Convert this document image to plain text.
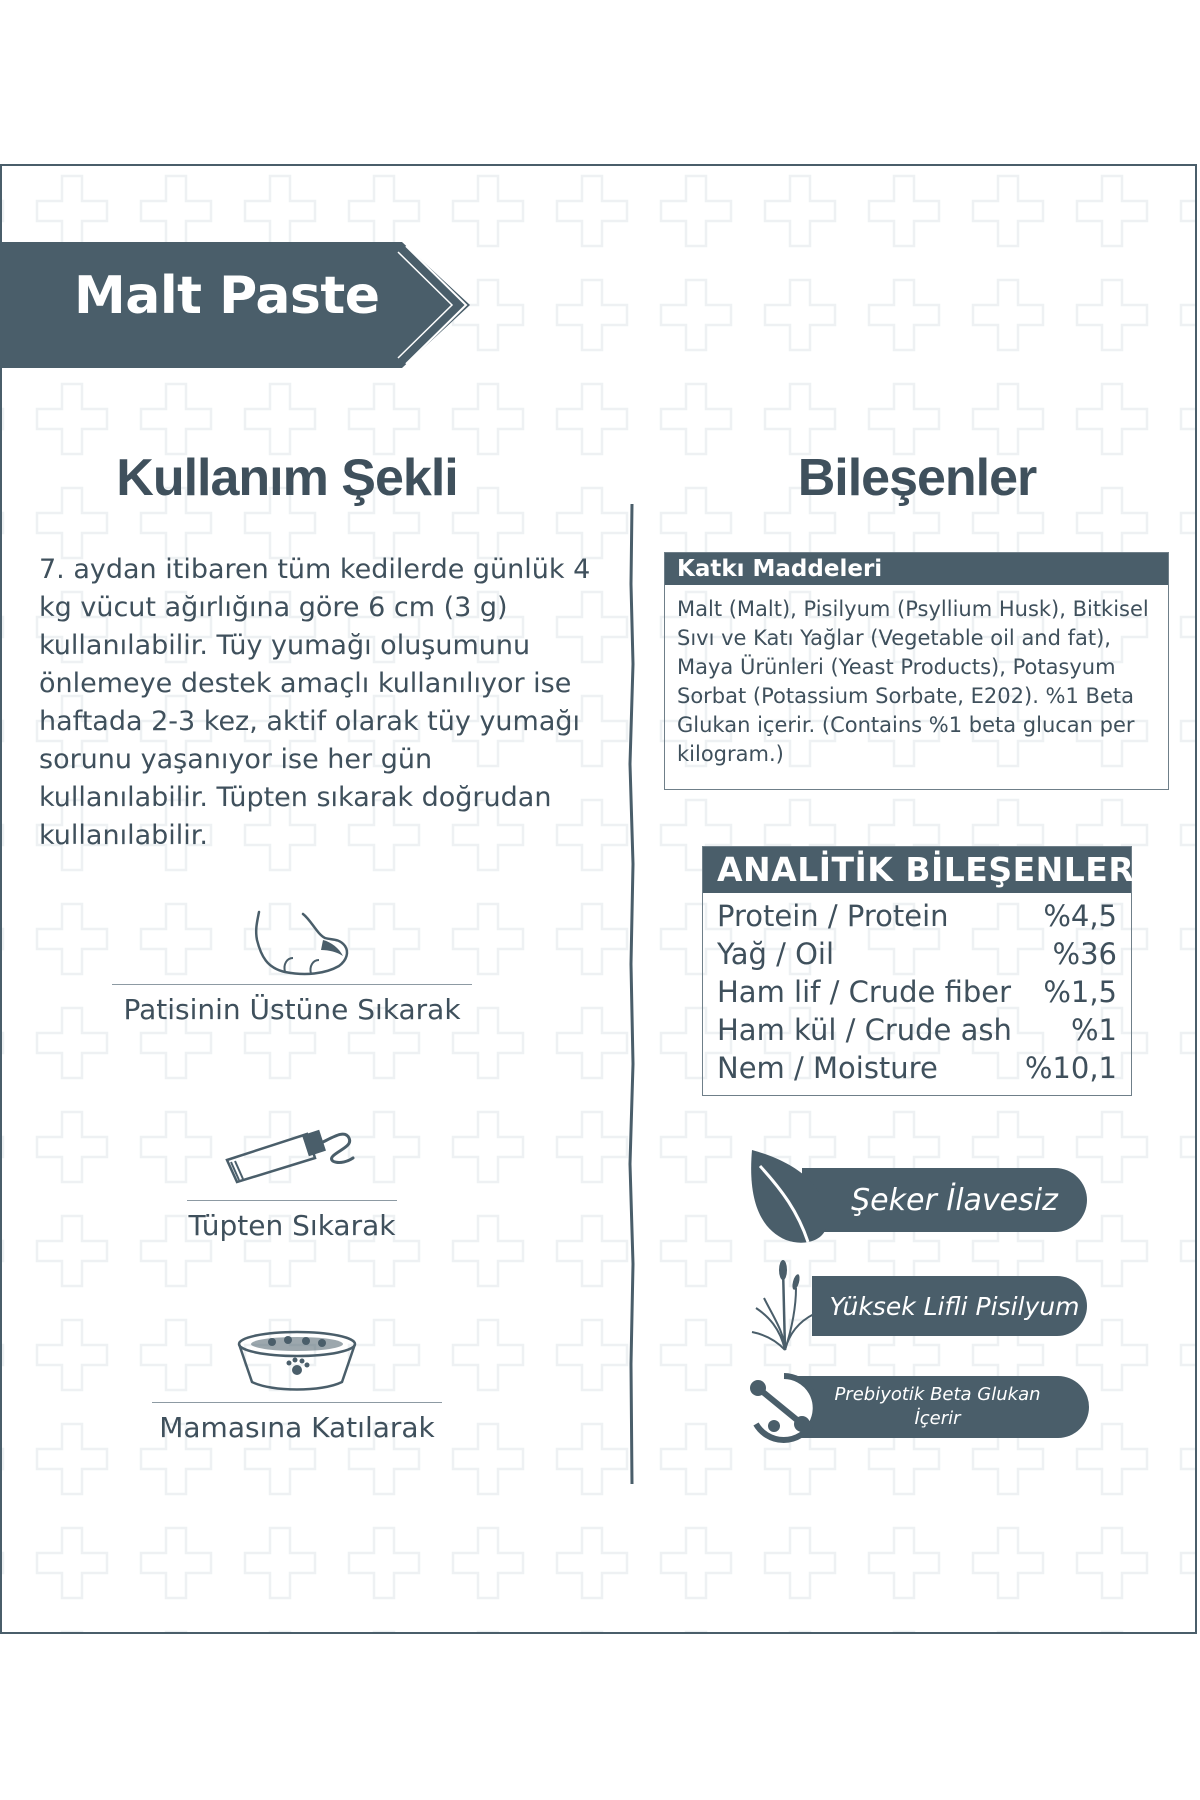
Malt Paste
Kullanım Şekli

7. aydan itibaren tüm kedilerde günlük 4 kg vücut ağırlığına göre 6 cm (3 g) kullanılabilir. Tüy yumağı oluşumunu önlemeye destek amaçlı kullanılıyor ise haftada 2-3 kez, aktif olarak tüy yumağı sorunu yaşanıyor ise her gün kullanılabilir. Tüpten sıkarak doğrudan kullanılabilir.

Patisinin Üstüne Sıkarak
Tüpten Sıkarak
Mamasına Katılarak
Bileşenler
Katkı Maddeleri

Malt (Malt), Pisilyum (Psyllium Husk), Bitkisel Sıvı ve Katı Yağlar (Vegetable oil and fat), Maya Ürünleri (Yeast Products), Potasyum Sorbat (Potassium Sorbate, E202). %1 Beta Glukan içerir. (Contains %1 beta glucan per kilogram.)

ANALİTİK BİLEŞENLER
Protein / Protein	%4,5
Yağ / Oil	%36
Ham lif / Crude fiber %1,5
Ham kül / Crude ash %1
Nem / Moisture	%10,1
Şeker İlavesiz
Yüksek Lifli Pisilyum
Prebiyotik Beta Glukan İçerir
